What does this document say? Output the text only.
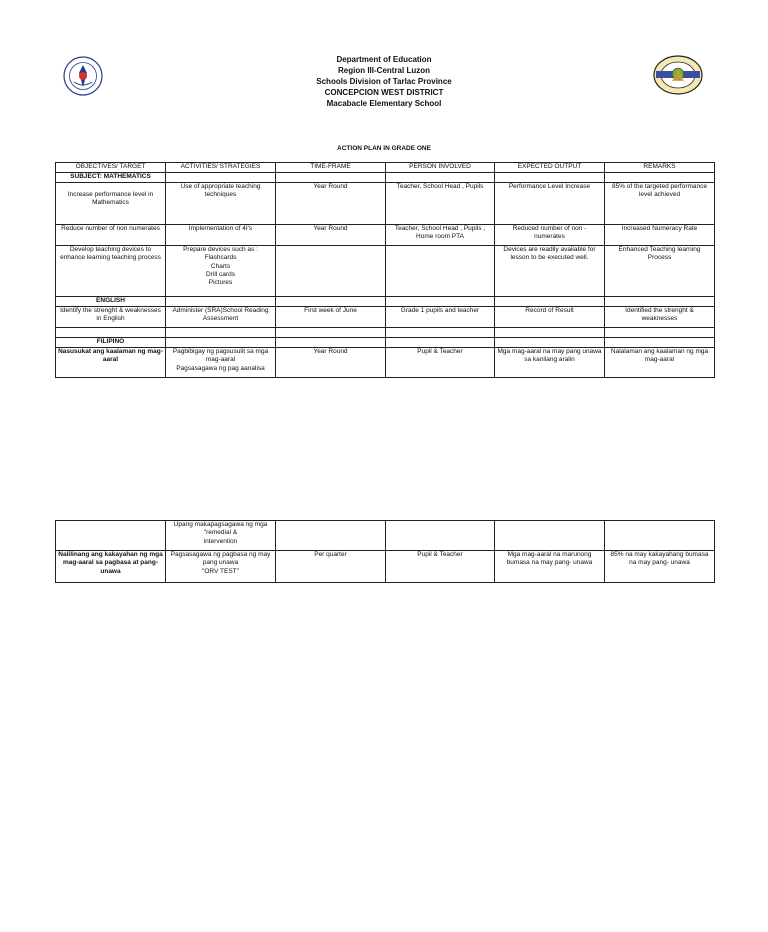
Department of Education
Region III-Central Luzon
Schools Division of Tarlac Province
CONCEPCION WEST DISTRICT
Macabacle Elementary School
ACTION PLAN IN GRADE ONE
OBJECTIVES/ TARGET	ACTIVITIES/ STRATEGIES	TIME-FRAME	PERSON INVOLVED	EXPECTED OUTPUT	REMARKS
SUBJECT: MATHEMATICS					
Increase performance level in Mathematics	Use of appropriate teaching techniques	Year Round	Teacher, School Head , Pupils	Performance Level Increase	85% of the targeted performance level achieved
Reduce number of non numerates	Implementation of 4I's	Year Round	Teacher, School Head , Pupils , Home room PTA	Reduced number of non - numerates	Increased Numeracy Rate
Develop teaching devices to enhance learning teaching process	Prepare devices such as :
Flashcards
Charts
Drill cards
Pictures			Devices are readily available for lesson to be executed well.	Enhanced Teaching learning Process
ENGLISH					
Identify the strenght & weaknesses in English	Administer (SRA)School Reading Assessment	First week of June	Grade 1 pupils and teacher	Record of Result	Identified the strenght & weaknesses

FILIPINO					
Nasusukat ang kaalaman ng mag-aaral	Pagbibigay ng pagsusulit sa mga mag-aaral
Pagsasagawa ng pag aanalisa	Year Round	Pupil & Teacher	Mga mag-aaral na may pang unawa sa kanilang aralin	Nalalaman ang kaalaman ng mga mag-aaral

	Upang makapagsagawa ng mga "remedial &
intervention				

Nalilinang ang kakayahan ng mga mag-aaral sa pagbasa at pang- unawa	Pagsasagawa ng pagbasa ng may pang unawa
"ORV TEST"	Per quarter	Pupil & Teacher	Mga mag-aaral na marunong bumasa na may pang- unawa	85% na may kakayahang bumasa na may pang- unawa
